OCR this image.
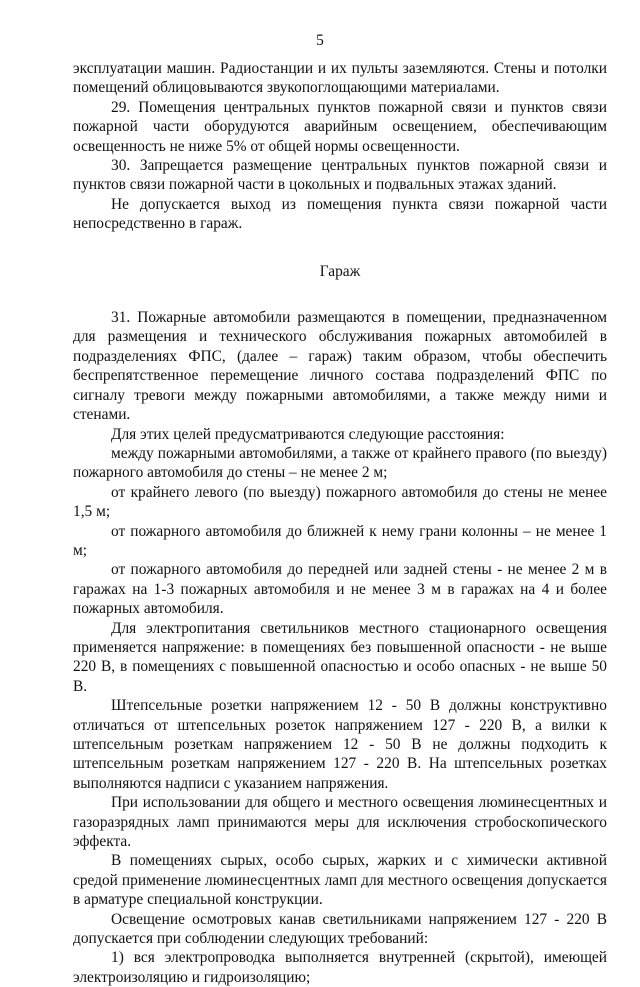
5

эксплуатации машин. Радиостанции и их пульты заземляются. Стены и потолки помещений облицовываются звукопоглощающими материалами.

29. Помещения центральных пунктов пожарной связи и пунктов связи пожарной части оборудуются аварийным освещением, обеспечивающим освещенность не ниже 5% от общей нормы освещенности.

30. Запрещается размещение центральных пунктов пожарной связи и пунктов связи пожарной части в цокольных и подвальных этажах зданий.

Не допускается выход из помещения пункта связи пожарной части непосредственно в гараж.

Гараж

31. Пожарные автомобили размещаются в помещении, предназначенном для размещения и технического обслуживания пожарных автомобилей в подразделениях ФПС, (далее – гараж) таким образом, чтобы обеспечить беспрепятственное перемещение личного состава подразделений ФПС по сигналу тревоги между пожарными автомобилями, а также между ними и стенами.

Для этих целей предусматриваются следующие расстояния:

между пожарными автомобилями, а также от крайнего правого (по выезду) пожарного автомобиля до стены – не менее 2 м;

от крайнего левого (по выезду) пожарного автомобиля до стены не менее 1,5 м;

от пожарного автомобиля до ближней к нему грани колонны – не менее 1 м;

от пожарного автомобиля до передней или задней стены - не менее 2 м в гаражах на 1-3 пожарных автомобиля и не менее 3 м в гаражах на 4 и более пожарных автомобиля.

Для электропитания светильников местного стационарного освещения применяется напряжение: в помещениях без повышенной опасности - не выше 220 В, в помещениях с повышенной опасностью и особо опасных - не выше 50 В.

Штепсельные розетки напряжением 12 - 50 В должны конструктивно отличаться от штепсельных розеток напряжением 127 - 220 В, а вилки к штепсельным розеткам напряжением 12 - 50 В не должны подходить к штепсельным розеткам напряжением 127 - 220 В. На штепсельных розетках выполняются надписи с указанием напряжения.

При использовании для общего и местного освещения люминесцентных и газоразрядных ламп принимаются меры для исключения стробоскопического эффекта.

В помещениях сырых, особо сырых, жарких и с химически активной средой применение люминесцентных ламп для местного освещения допускается в арматуре специальной конструкции.

Освещение осмотровых канав светильниками напряжением 127 - 220 В допускается при соблюдении следующих требований:

1) вся электропроводка выполняется внутренней (скрытой), имеющей электроизоляцию и гидроизоляцию;
